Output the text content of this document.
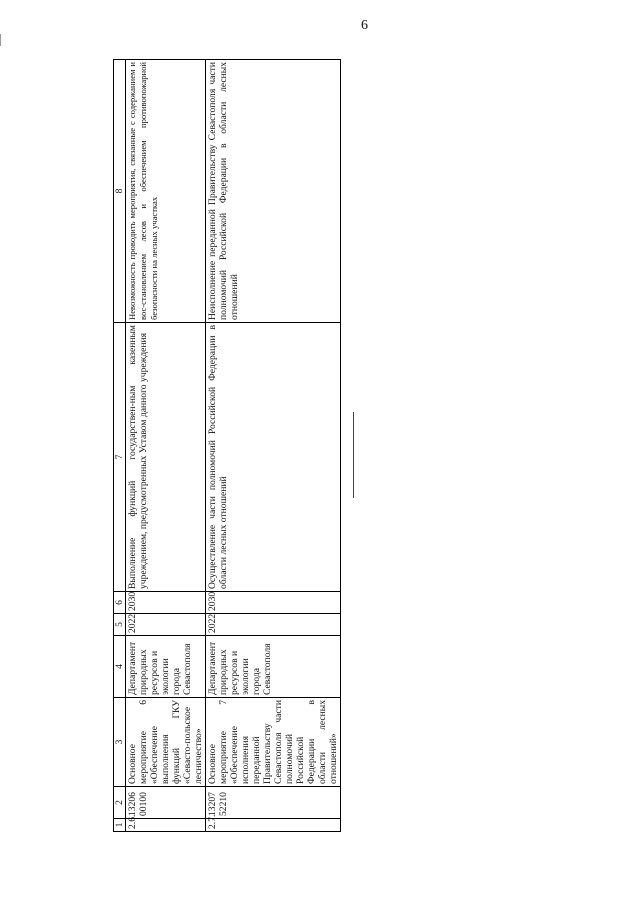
6
1	2	3	4	5	6	7	8
2.6.	13206 00100	Основное мероприятие 6 «Обеспечение выполнения функций ГКУ «Севасто-польское лесничество»	Департамент природных ресурсов и экологии города Севастополя	2022	2030	Выполнение функций государствен-ным казенным учреждением, предусмотренных Уставом данного учреждения	Невозможность проводить мероприятия, связанные с содержанием и вос-становлением лесов и обеспечением противопожарной безопасности на лесных участках
2.7.	13207 52210	Основное мероприятие 7 «Обеспечение исполнения переданной Правительству Севастополя части полномочий Российской Федерации в области лесных отношений»	Департамент природных ресурсов и экологии города Севастополя	2022	2030	Осуществление части полномочий Российской Федерации в области лесных отношений	Неисполнение переданной Правительству Севастополя части полномочий Российской Федерации в области лесных отношений
